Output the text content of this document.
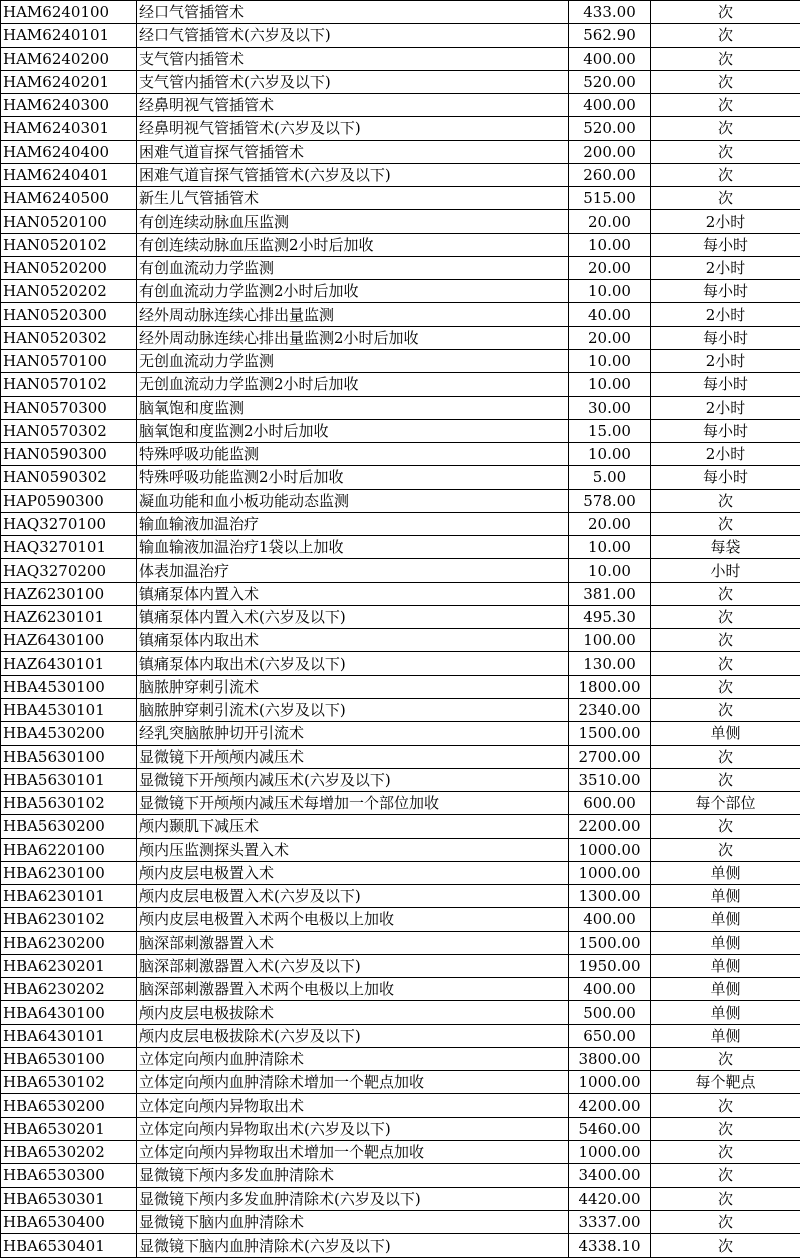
HAM6240100	经口气管插管术	433.00	次
HAM6240101	经口气管插管术(六岁及以下)	562.90	次
HAM6240200	支气管内插管术	400.00	次
HAM6240201	支气管内插管术(六岁及以下)	520.00	次
HAM6240300	经鼻明视气管插管术	400.00	次
HAM6240301	经鼻明视气管插管术(六岁及以下)	520.00	次
HAM6240400	困难气道盲探气管插管术	200.00	次
HAM6240401	困难气道盲探气管插管术(六岁及以下)	260.00	次
HAM6240500	新生儿气管插管术	515.00	次
HAN0520100	有创连续动脉血压监测	20.00	2小时
HAN0520102	有创连续动脉血压监测2小时后加收	10.00	每小时
HAN0520200	有创血流动力学监测	20.00	2小时
HAN0520202	有创血流动力学监测2小时后加收	10.00	每小时
HAN0520300	经外周动脉连续心排出量监测	40.00	2小时
HAN0520302	经外周动脉连续心排出量监测2小时后加收	20.00	每小时
HAN0570100	无创血流动力学监测	10.00	2小时
HAN0570102	无创血流动力学监测2小时后加收	10.00	每小时
HAN0570300	脑氧饱和度监测	30.00	2小时
HAN0570302	脑氧饱和度监测2小时后加收	15.00	每小时
HAN0590300	特殊呼吸功能监测	10.00	2小时
HAN0590302	特殊呼吸功能监测2小时后加收	5.00	每小时
HAP0590300	凝血功能和血小板功能动态监测	578.00	次
HAQ3270100	输血输液加温治疗	20.00	次
HAQ3270101	输血输液加温治疗1袋以上加收	10.00	每袋
HAQ3270200	体表加温治疗	10.00	小时
HAZ6230100	镇痛泵体内置入术	381.00	次
HAZ6230101	镇痛泵体内置入术(六岁及以下)	495.30	次
HAZ6430100	镇痛泵体内取出术	100.00	次
HAZ6430101	镇痛泵体内取出术(六岁及以下)	130.00	次
HBA4530100	脑脓肿穿刺引流术	1800.00	次
HBA4530101	脑脓肿穿刺引流术(六岁及以下)	2340.00	次
HBA4530200	经乳突脑脓肿切开引流术	1500.00	单侧
HBA5630100	显微镜下开颅颅内减压术	2700.00	次
HBA5630101	显微镜下开颅颅内减压术(六岁及以下)	3510.00	次
HBA5630102	显微镜下开颅颅内减压术每增加一个部位加收	600.00	每个部位
HBA5630200	颅内颞肌下减压术	2200.00	次
HBA6220100	颅内压监测探头置入术	1000.00	次
HBA6230100	颅内皮层电极置入术	1000.00	单侧
HBA6230101	颅内皮层电极置入术(六岁及以下)	1300.00	单侧
HBA6230102	颅内皮层电极置入术两个电极以上加收	400.00	单侧
HBA6230200	脑深部刺激器置入术	1500.00	单侧
HBA6230201	脑深部刺激器置入术(六岁及以下)	1950.00	单侧
HBA6230202	脑深部刺激器置入术两个电极以上加收	400.00	单侧
HBA6430100	颅内皮层电极拔除术	500.00	单侧
HBA6430101	颅内皮层电极拔除术(六岁及以下)	650.00	单侧
HBA6530100	立体定向颅内血肿清除术	3800.00	次
HBA6530102	立体定向颅内血肿清除术增加一个靶点加收	1000.00	每个靶点
HBA6530200	立体定向颅内异物取出术	4200.00	次
HBA6530201	立体定向颅内异物取出术(六岁及以下)	5460.00	次
HBA6530202	立体定向颅内异物取出术增加一个靶点加收	1000.00	次
HBA6530300	显微镜下颅内多发血肿清除术	3400.00	次
HBA6530301	显微镜下颅内多发血肿清除术(六岁及以下)	4420.00	次
HBA6530400	显微镜下脑内血肿清除术	3337.00	次
HBA6530401	显微镜下脑内血肿清除术(六岁及以下)	4338.10	次
